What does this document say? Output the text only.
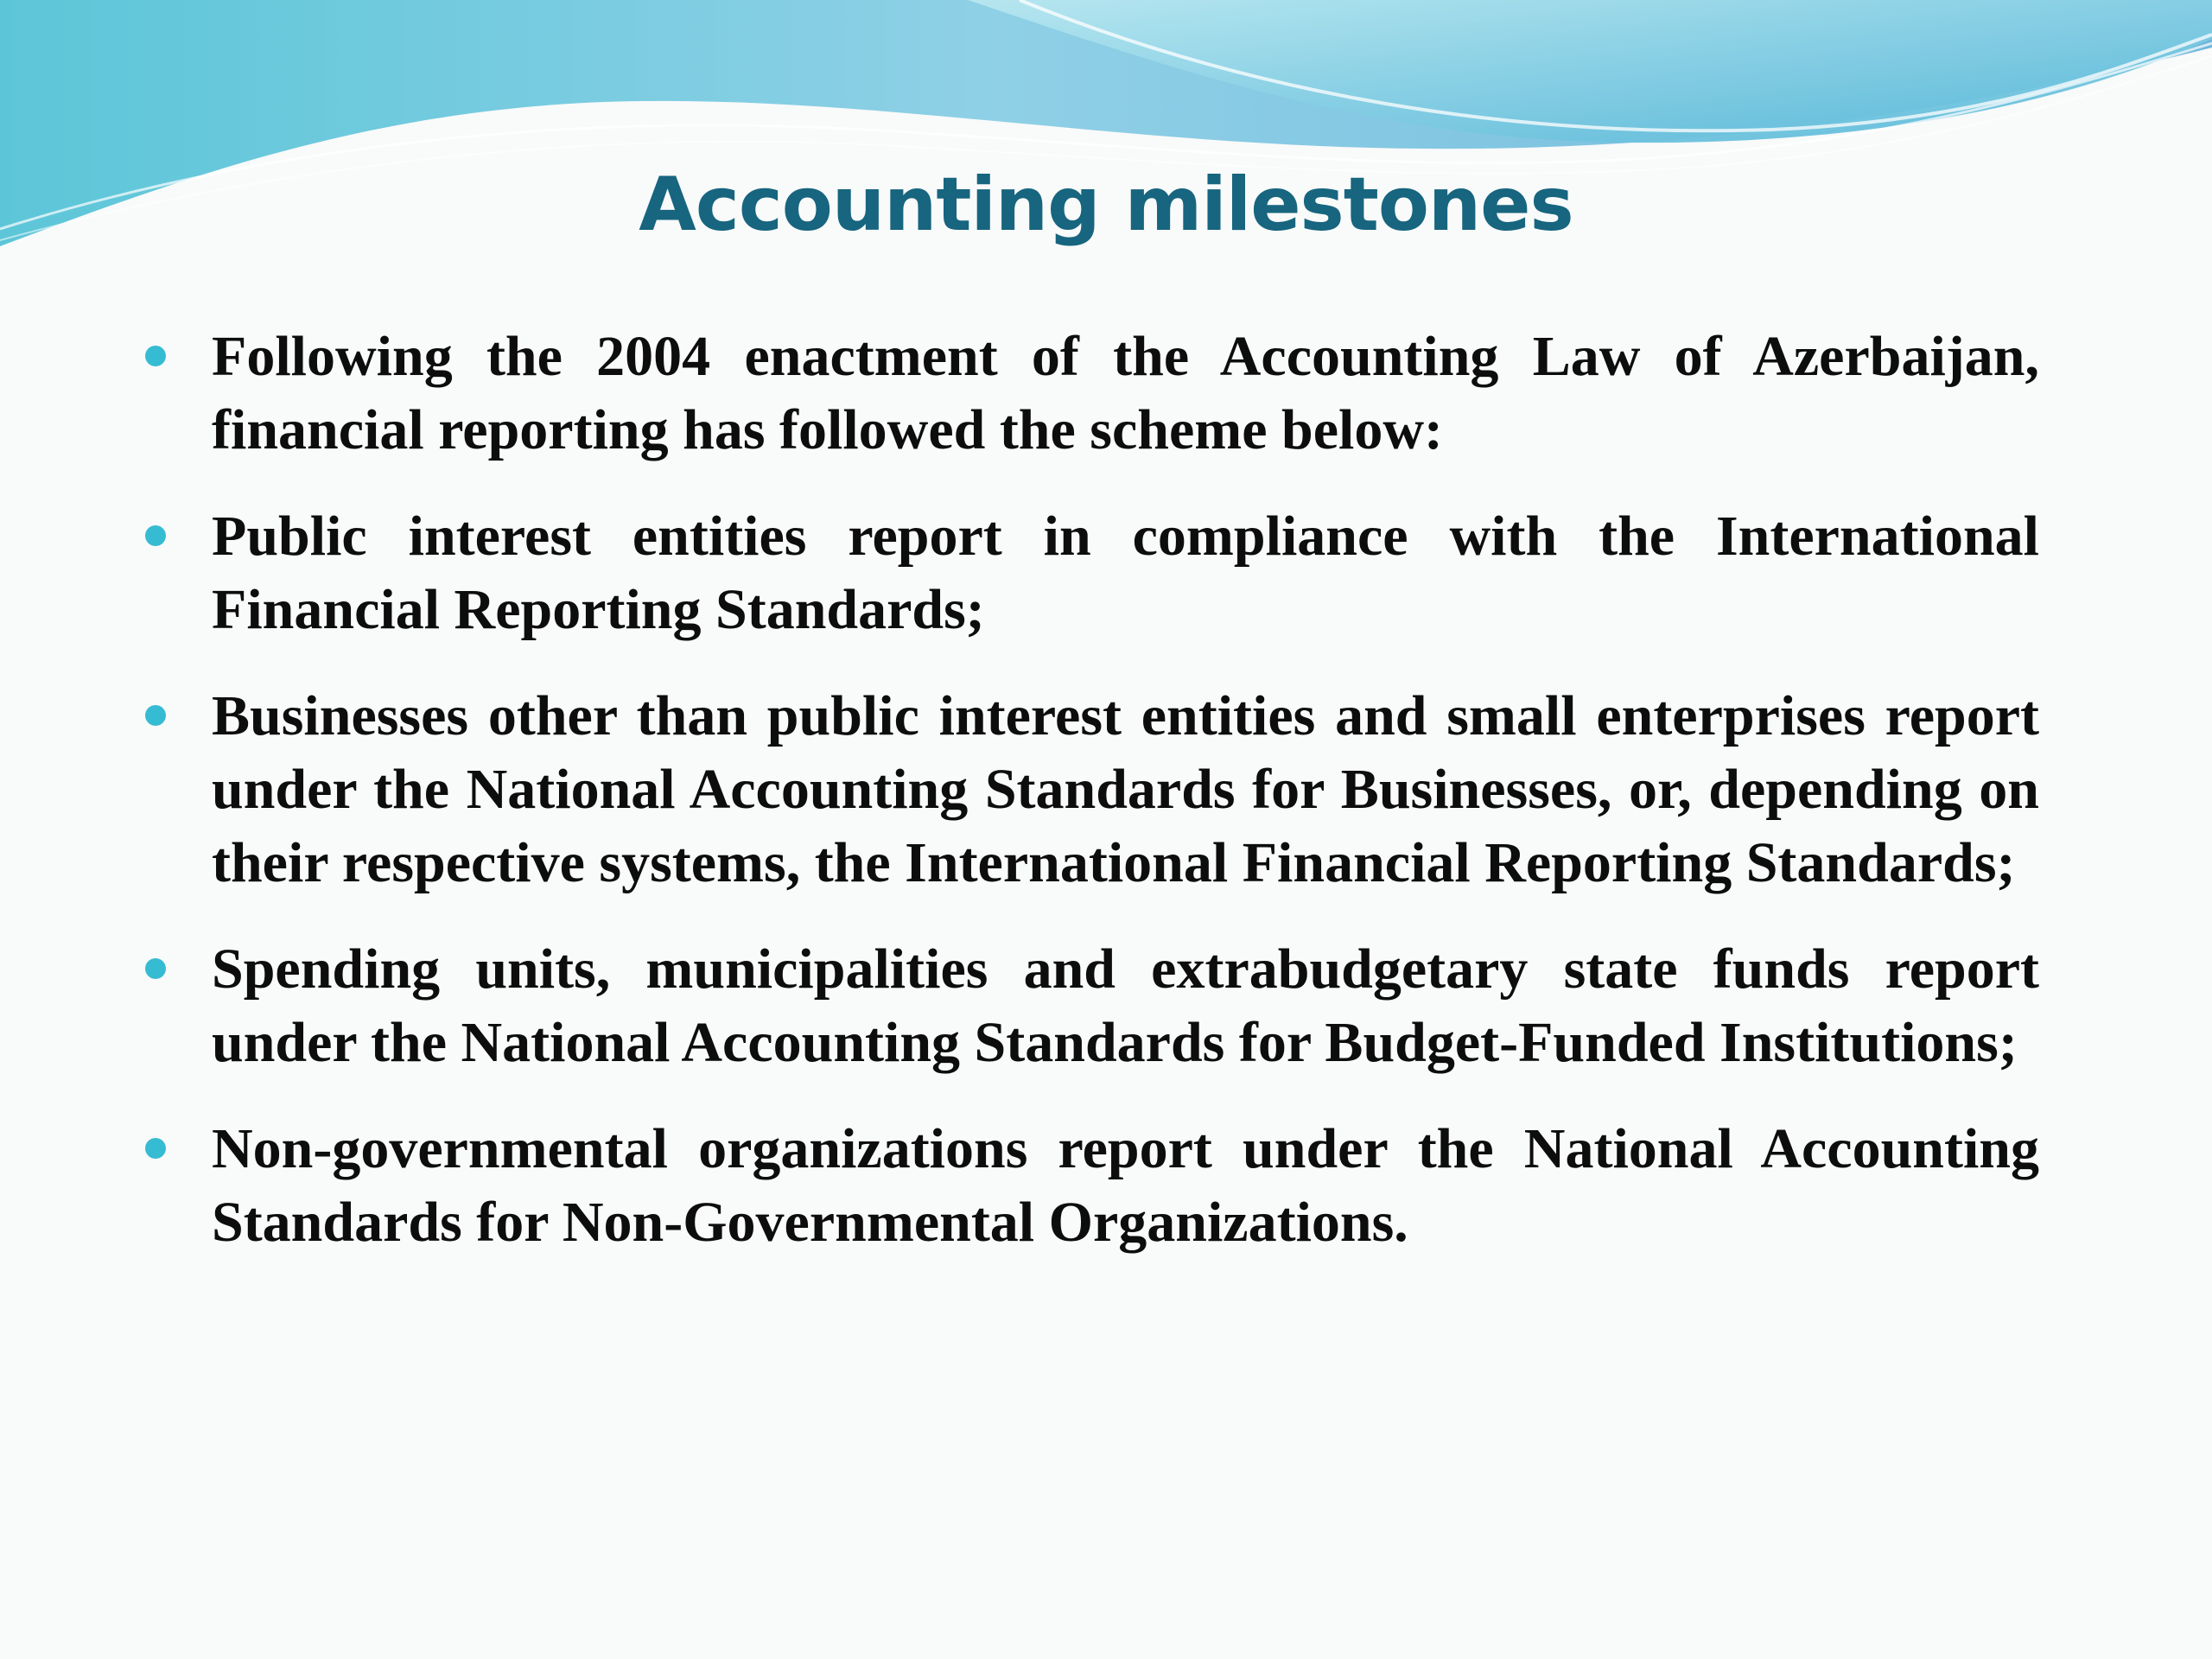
Accounting milestones
Following the 2004 enactment of the Accounting Law of Azerbaijan, financial reporting has followed the scheme below:
Public interest entities report in compliance with the International Financial Reporting Standards;
Businesses other than public interest entities and small enterprises report under the National Accounting Standards for Businesses, or, depending on their respective systems, the International Financial Reporting Standards;
Spending units, municipalities and extrabudgetary state funds report under the National Accounting Standards for Budget-Funded Institutions;
Non-governmental organizations report under the National Accounting Standards for Non-Governmental Organizations.
